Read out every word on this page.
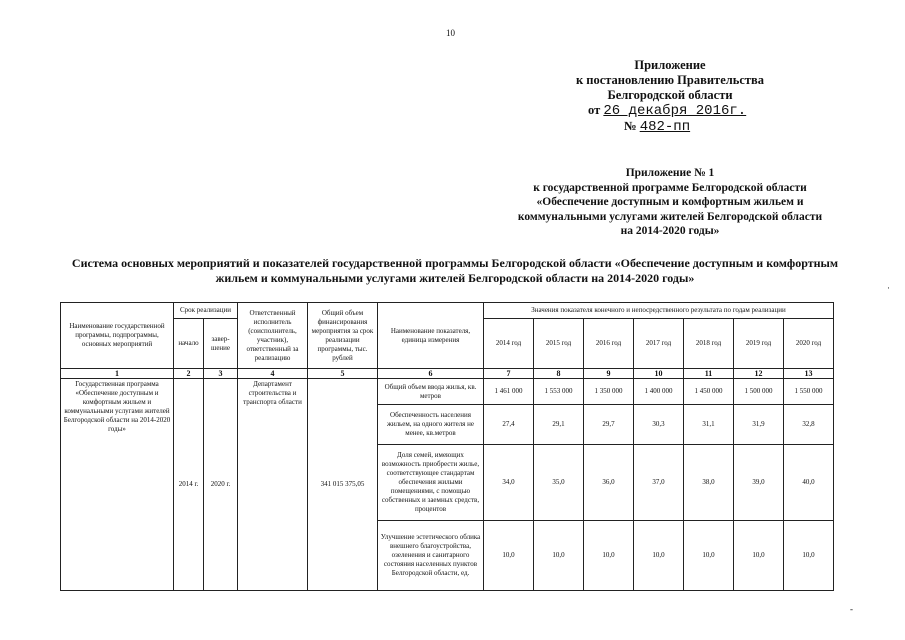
10
Приложение
к постановлению Правительства
Белгородской области
от 26 декабря 2016г.
№ 482-пп
Приложение № 1
к государственной программе Белгородской области
«Обеспечение доступным и комфортным жильем и
коммунальными услугами жителей Белгородской области
на 2014-2020 годы»
Система основных мероприятий и показателей государственной программы Белгородской области «Обеспечение доступным и комфортным
жильем и коммунальными услугами жителей Белгородской области на 2014-2020 годы»
·
-
Наименование государственной программы, подпрограммы, основных мероприятий	Срок реализации		Ответственный исполнитель (соисполнитель, участник), ответственный за реализацию	Общий объем финансирования мероприятия за срок реализации программы, тыс. рублей	Наименование показателя, единица измерения	Значения показателя конечного и непосредственного результата по годам реализации						
	начало	завер-шение				2014 год	2015 год	2016 год	2017 год	2018 год	2019 год	2020 год
1	2	3	4	5	6	7	8	9	10	11	12	13
Государственная программа «Обеспечение доступным и комфортным жильем и коммунальными услугами жителей Белгородской области на 2014-2020 годы»	2014 г.	2020 г.	Департамент строительства и транспорта области	341 015 375,05	Общий объем ввода жилья, кв. метров	1 461 000	1 553 000	1 350 000	1 400 000	1 450 000	1 500 000	1 550 000
					Обеспеченность населения жильем, на одного жителя не менее, кв.метров	27,4	29,1	29,7	30,3	31,1	31,9	32,8
					Доля семей, имеющих возможность приобрести жилье, соответствующее стандартам обеспечения жилыми помещениями, с помощью собственных и заемных средств, процентов	34,0	35,0	36,0	37,0	38,0	39,0	40,0
					Улучшение эстетического облика внешнего благоустройства, озеленения и санитарного состояния населенных пунктов Белгородской области, ед.	10,0	10,0	10,0	10,0	10,0	10,0	10,0
